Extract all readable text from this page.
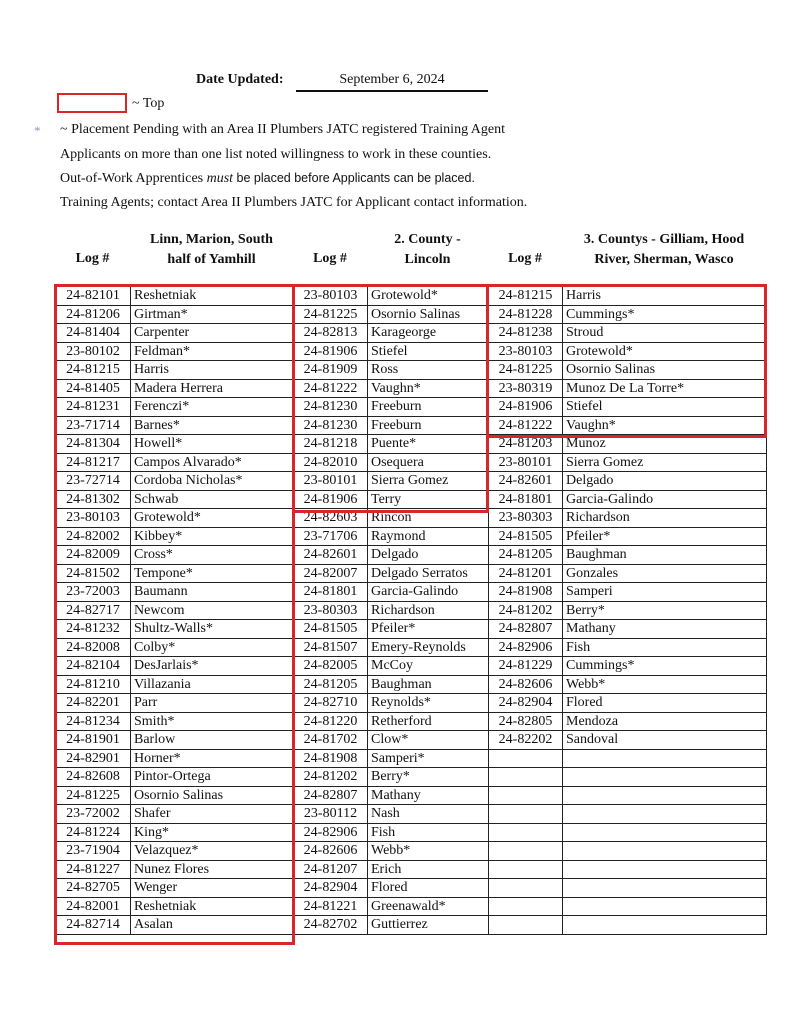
Date Updated:	September 6, 2024
~ Top
* ~ Placement Pending with an Area II Plumbers JATC registered Training Agent
Applicants on more than one list noted willingness to work in these counties.
Out-of-Work Apprentices must be placed before Applicants can be placed.
Training Agents; contact Area II Plumbers JATC for Applicant contact information.
Log #
Linn, Marion, South
half of Yamhill	Log #
2. County -
Lincoln	Log #
3. Countys - Gilliam, Hood
River, Sherman, Wasco
24-82101	Reshetniak	23-80103	Grotewold*	24-81215	Harris
24-81206	Girtman*	24-81225	Osornio Salinas	24-81228	Cummings*
24-81404	Carpenter	24-82813	Karageorge	24-81238	Stroud
23-80102	Feldman*	24-81906	Stiefel	23-80103	Grotewold*
24-81215	Harris	24-81909	Ross	24-81225	Osornio Salinas
24-81405	Madera Herrera	24-81222	Vaughn*	23-80319	Munoz De La Torre*
24-81231	Ferenczi*	24-81230	Freeburn	24-81906	Stiefel
23-71714	Barnes*	24-81230	Freeburn	24-81222	Vaughn*
24-81304	Howell*	24-81218	Puente*	24-81203	Munoz
24-81217	Campos Alvarado*	24-82010	Osequera	23-80101	Sierra Gomez
23-72714	Cordoba Nicholas*	23-80101	Sierra Gomez	24-82601	Delgado
24-81302	Schwab	24-81906	Terry	24-81801	Garcia-Galindo
23-80103	Grotewold*	24-82603	Rincon	23-80303	Richardson
24-82002	Kibbey*	23-71706	Raymond	24-81505	Pfeiler*
24-82009	Cross*	24-82601	Delgado	24-81205	Baughman
24-81502	Tempone*	24-82007	Delgado Serratos	24-81201	Gonzales
23-72003	Baumann	24-81801	Garcia-Galindo	24-81908	Samperi
24-82717	Newcom	23-80303	Richardson	24-81202	Berry*
24-81232	Shultz-Walls*	24-81505	Pfeiler*	24-82807	Mathany
24-82008	Colby*	24-81507	Emery-Reynolds	24-82906	Fish
24-82104	DesJarlais*	24-82005	McCoy	24-81229	Cummings*
24-81210	Villazania	24-81205	Baughman	24-82606	Webb*
24-82201	Parr	24-82710	Reynolds*	24-82904	Flored
24-81234	Smith*	24-81220	Retherford	24-82805	Mendoza
24-81901	Barlow	24-81702	Clow*	24-82202	Sandoval
24-82901	Horner*	24-81908	Samperi*		
24-82608	Pintor-Ortega	24-81202	Berry*		
24-81225	Osornio Salinas	24-82807	Mathany		
23-72002	Shafer	23-80112	Nash		
24-81224	King*	24-82906	Fish		
23-71904	Velazquez*	24-82606	Webb*		
24-81227	Nunez Flores	24-81207	Erich		
24-82705	Wenger	24-82904	Flored		
24-82001	Reshetniak	24-81221	Greenawald*		
24-82714	Asalan	24-82702	Guttierrez		
